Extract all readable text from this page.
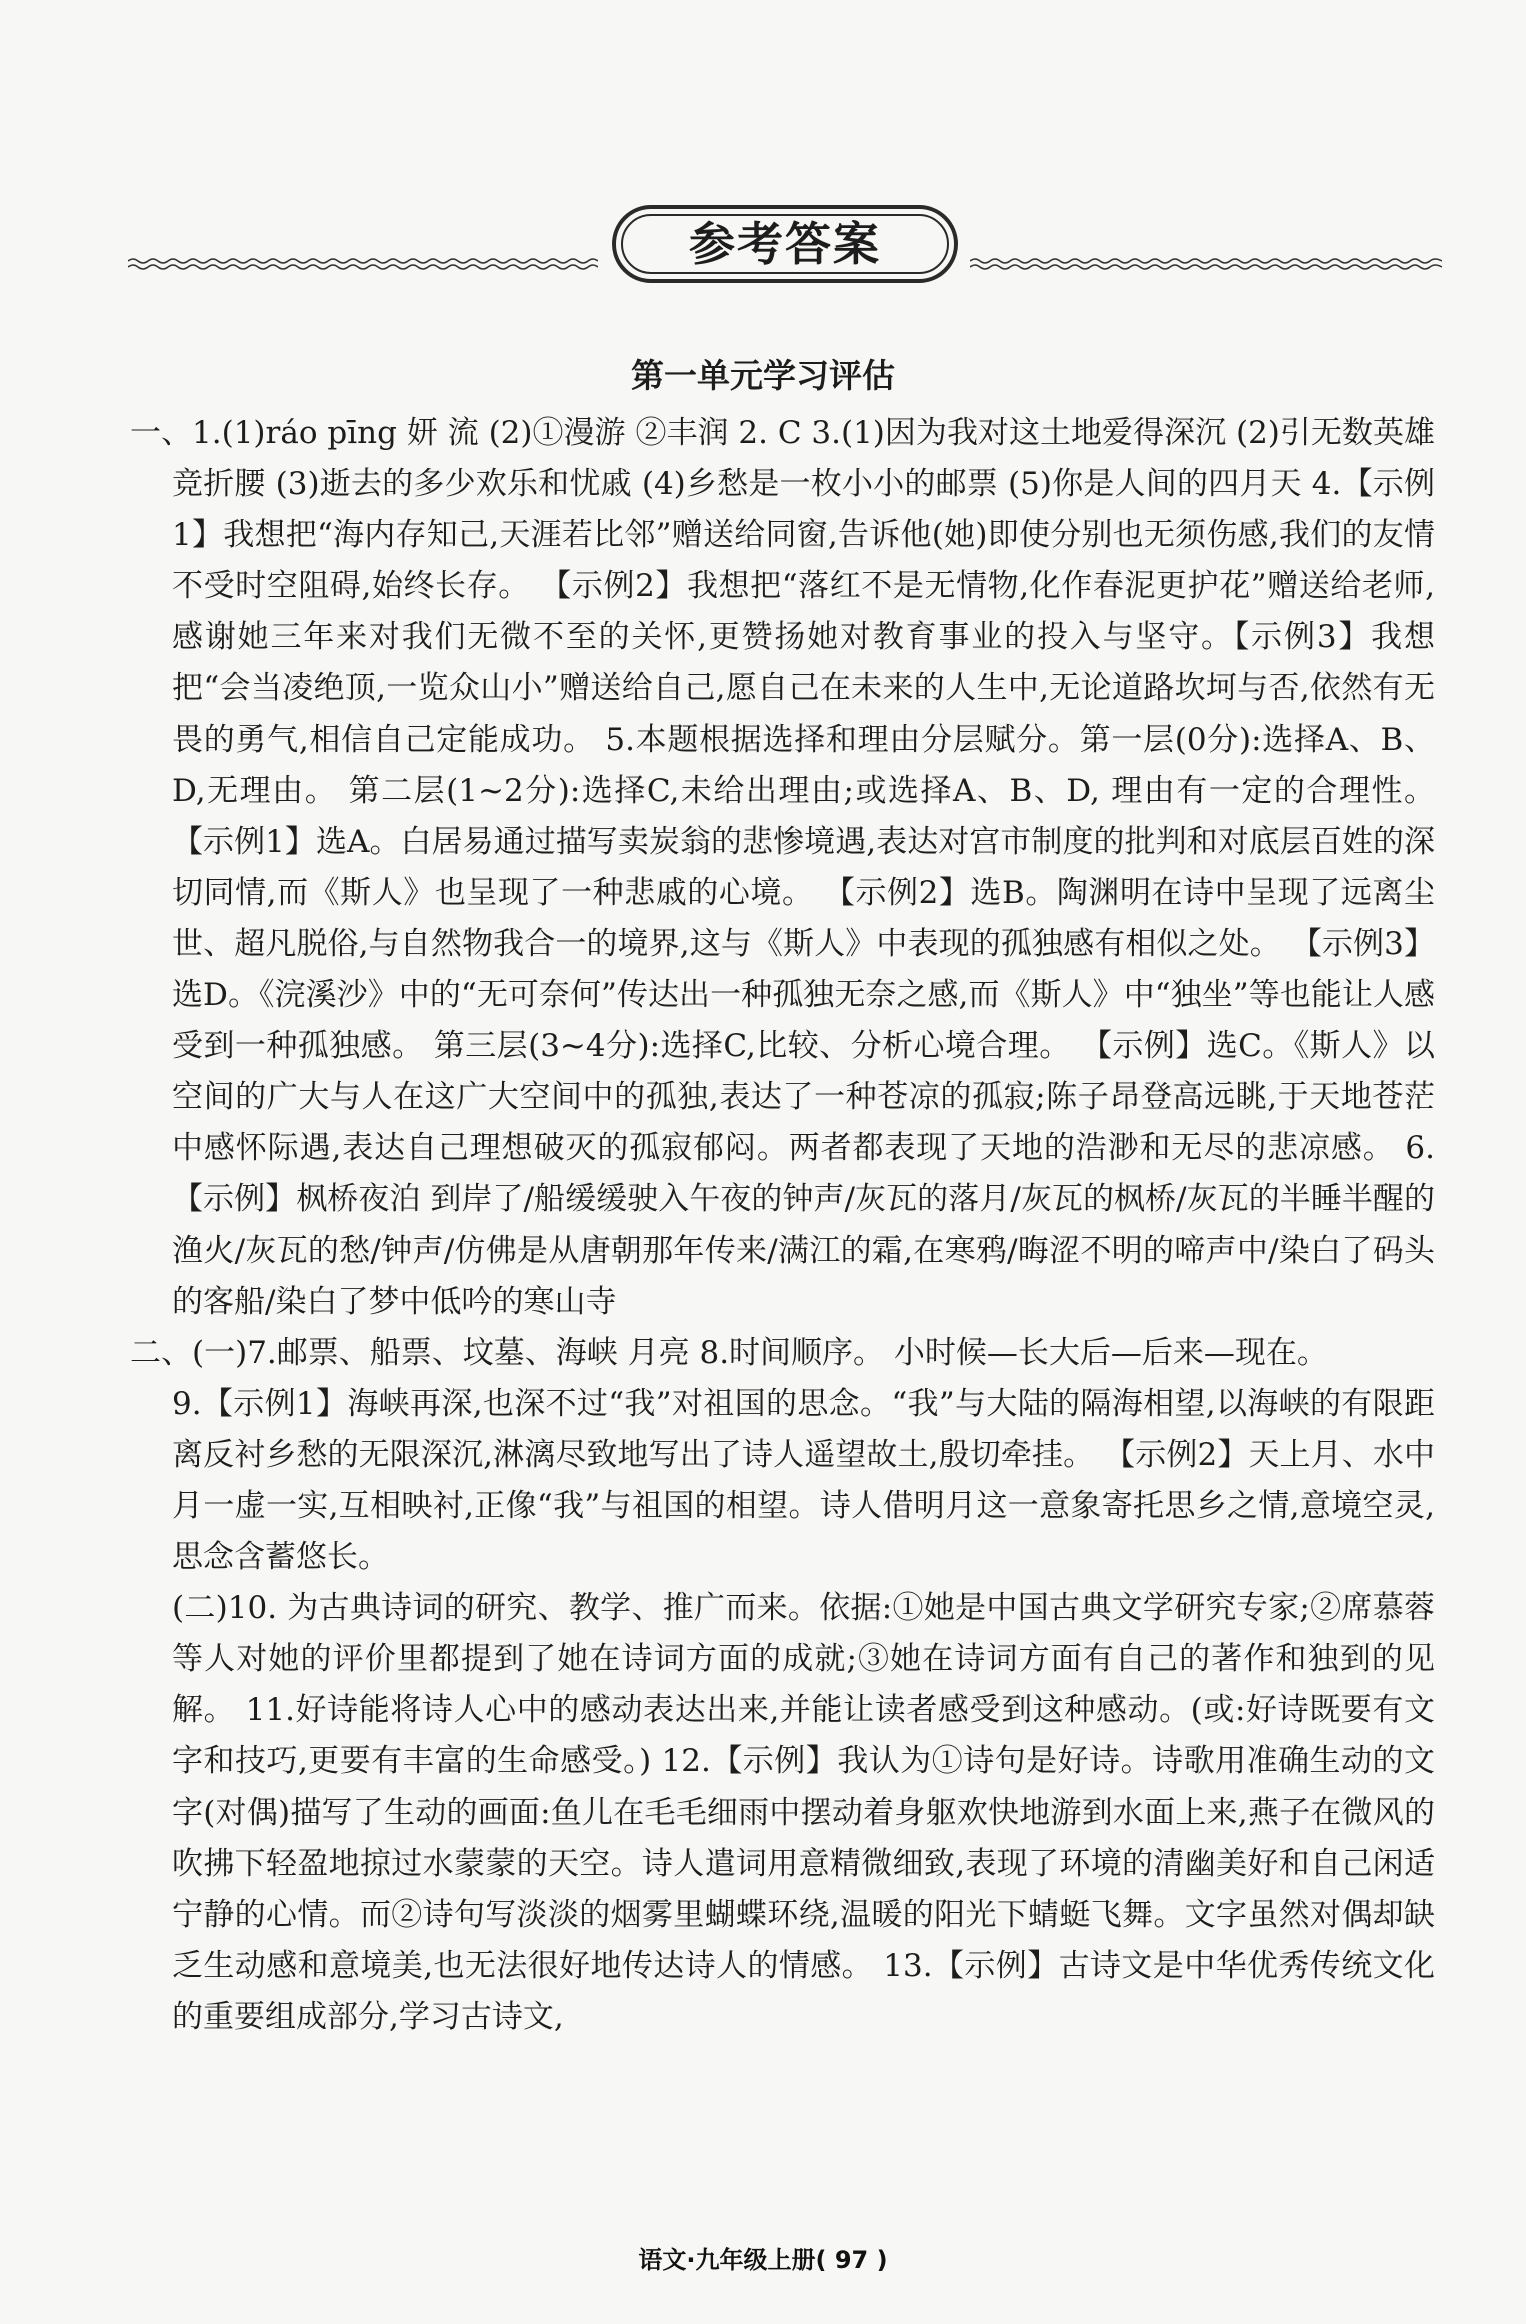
参考答案
第一单元学习评估

一、1.(1)ráo pīng 妍 流 (2)①漫游 ②丰润 2. C 3.(1)因为我对这土地爱得深沉 (2)引无数英雄竞折腰 (3)逝去的多少欢乐和忧戚 (4)乡愁是一枚小小的邮票 (5)你是人间的四月天 4.【示例1】我想把“海内存知己,天涯若比邻”赠送给同窗,告诉他(她)即使分别也无须伤感,我们的友情不受时空阻碍,始终长存。 【示例2】我想把“落红不是无情物,化作春泥更护花”赠送给老师,感谢她三年来对我们无微不至的关怀,更赞扬她对教育事业的投入与坚守。【示例3】我想把“会当凌绝顶,一览众山小”赠送给自己,愿自己在未来的人生中,无论道路坎坷与否,依然有无畏的勇气,相信自己定能成功。 5.本题根据选择和理由分层赋分。第一层(0分):选择A、B、D,无理由。 第二层(1~2分):选择C,未给出理由;或选择A、B、D, 理由有一定的合理性。 【示例1】选A。白居易通过描写卖炭翁的悲惨境遇,表达对宫市制度的批判和对底层百姓的深切同情,而《斯人》也呈现了一种悲戚的心境。 【示例2】选B。陶渊明在诗中呈现了远离尘世、超凡脱俗,与自然物我合一的境界,这与《斯人》中表现的孤独感有相似之处。 【示例3】选D。《浣溪沙》中的“无可奈何”传达出一种孤独无奈之感,而《斯人》中“独坐”等也能让人感受到一种孤独感。 第三层(3~4分):选择C,比较、分析心境合理。 【示例】选C。《斯人》以空间的广大与人在这广大空间中的孤独,表达了一种苍凉的孤寂;陈子昂登高远眺,于天地苍茫中感怀际遇,表达自己理想破灭的孤寂郁闷。两者都表现了天地的浩渺和无尽的悲凉感。 6.【示例】枫桥夜泊 到岸了/船缓缓驶入午夜的钟声/灰瓦的落月/灰瓦的枫桥/灰瓦的半睡半醒的渔火/灰瓦的愁/钟声/仿佛是从唐朝那年传来/满江的霜,在寒鸦/晦涩不明的啼声中/染白了码头的客船/染白了梦中低吟的寒山寺

二、(一)7.邮票、船票、坟墓、海峡 月亮 8.时间顺序。 小时候—长大后—后来—现在。

9.【示例1】海峡再深,也深不过“我”对祖国的思念。“我”与大陆的隔海相望,以海峡的有限距离反衬乡愁的无限深沉,淋漓尽致地写出了诗人遥望故土,殷切牵挂。 【示例2】天上月、水中月一虚一实,互相映衬,正像“我”与祖国的相望。诗人借明月这一意象寄托思乡之情,意境空灵,思念含蓄悠长。

(二)10. 为古典诗词的研究、教学、推广而来。依据:①她是中国古典文学研究专家;②席慕蓉等人对她的评价里都提到了她在诗词方面的成就;③她在诗词方面有自己的著作和独到的见解。 11.好诗能将诗人心中的感动表达出来,并能让读者感受到这种感动。(或:好诗既要有文字和技巧,更要有丰富的生命感受。) 12.【示例】我认为①诗句是好诗。诗歌用准确生动的文字(对偶)描写了生动的画面:鱼儿在毛毛细雨中摆动着身躯欢快地游到水面上来,燕子在微风的吹拂下轻盈地掠过水蒙蒙的天空。诗人遣词用意精微细致,表现了环境的清幽美好和自己闲适宁静的心情。而②诗句写淡淡的烟雾里蝴蝶环绕,温暖的阳光下蜻蜓飞舞。文字虽然对偶却缺乏生动感和意境美,也无法很好地传达诗人的情感。 13.【示例】古诗文是中华优秀传统文化的重要组成部分,学习古诗文,

语文·九年级上册( 97 )
